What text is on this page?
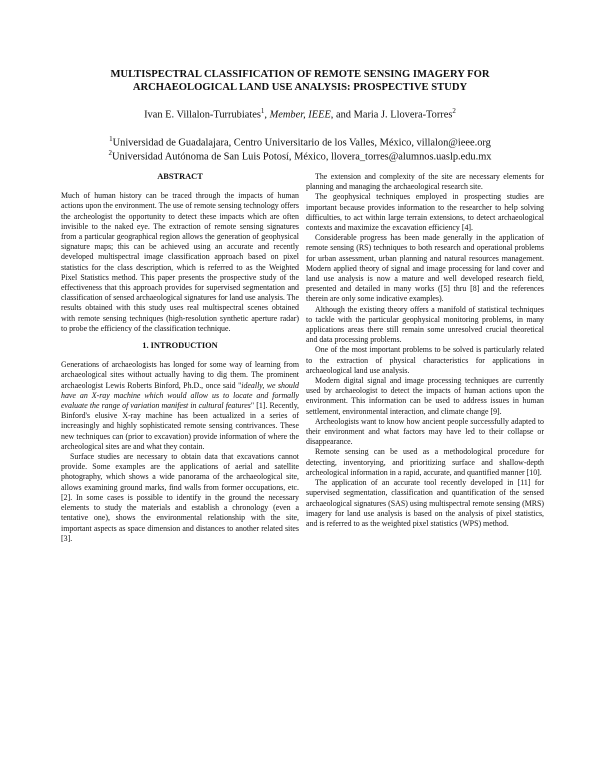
MULTISPECTRAL CLASSIFICATION OF REMOTE SENSING IMAGERY FOR ARCHAEOLOGICAL LAND USE ANALYSIS: PROSPECTIVE STUDY
Ivan E. Villalon-Turrubiates$^1$, Member, IEEE, and Maria J. Llovera-Torres$^2$
$^1$Universidad de Guadalajara, Centro Universitario de los Valles, México, villalon@ieee.org
$^2$Universidad Autónoma de San Luis Potosí, México, llovera_torres@alumnos.uaslp.edu.mx
ABSTRACT

Much of human history can be traced through the impacts of human actions upon the environment. The use of remote sensing technology offers the archeologist the opportunity to detect these impacts which are often invisible to the naked eye. The extraction of remote sensing signatures from a particular geographical region allows the generation of geophysical signature maps; this can be achieved using an accurate and recently developed multispectral image classification approach based on pixel statistics for the class description, which is referred to as the Weighted Pixel Statistics method. This paper presents the prospective study of the effectiveness that this approach provides for supervised segmentation and classification of sensed archaeological signatures for land use analysis. The results obtained with this study uses real multispectral scenes obtained with remote sensing techniques (high-resolution synthetic aperture radar) to probe the efficiency of the classification technique.

1. INTRODUCTION

Generations of archaeologists has longed for some way of learning from archaeological sites without actually having to dig them. The prominent archaeologist Lewis Roberts Binford, Ph.D., once said "ideally, we should have an X-ray machine which would allow us to locate and formally evaluate the range of variation manifest in cultural features" [1]. Recently, Binford's elusive X-ray machine has been actualized in a series of increasingly and highly sophisticated remote sensing contrivances. These new techniques can (prior to excavation) provide information of where the archeological sites are and what they contain.

Surface studies are necessary to obtain data that excavations cannot provide. Some examples are the applications of aerial and satellite photography, which shows a wide panorama of the archaeological site, allows examining ground marks, find walls from former occupations, etc. [2]. In some cases is possible to identify in the ground the necessary elements to study the materials and establish a chronology (even a tentative one), shows the environmental relationship with the site, important aspects as space dimension and distances to another related sites [3].

The extension and complexity of the site are necessary elements for planning and managing the archaeological research site.

The geophysical techniques employed in prospecting studies are important because provides information to the researcher to help solving difficulties, to act within large terrain extensions, to detect archaeological contexts and maximize the excavation efficiency [4].

Considerable progress has been made generally in the application of remote sensing (RS) techniques to both research and operational problems for urban assessment, urban planning and natural resources management. Modern applied theory of signal and image processing for land cover and land use analysis is now a mature and well developed research field, presented and detailed in many works ([5] thru [8] and the references therein are only some indicative examples).

Although the existing theory offers a manifold of statistical techniques to tackle with the particular geophysical monitoring problems, in many applications areas there still remain some unresolved crucial theoretical and data processing problems.

One of the most important problems to be solved is particularly related to the extraction of physical characteristics for applications in archaeological land use analysis.

Modern digital signal and image processing techniques are currently used by archaeologist to detect the impacts of human actions upon the environment. This information can be used to address issues in human settlement, environmental interaction, and climate change [9].

Archeologists want to know how ancient people successfully adapted to their environment and what factors may have led to their collapse or disappearance.

Remote sensing can be used as a methodological procedure for detecting, inventorying, and prioritizing surface and shallow-depth archeological information in a rapid, accurate, and quantified manner [10].

The application of an accurate tool recently developed in [11] for supervised segmentation, classification and quantification of the sensed archaeological signatures (SAS) using multispectral remote sensing (MRS) imagery for land use analysis is based on the analysis of pixel statistics, and is referred to as the weighted pixel statistics (WPS) method.
